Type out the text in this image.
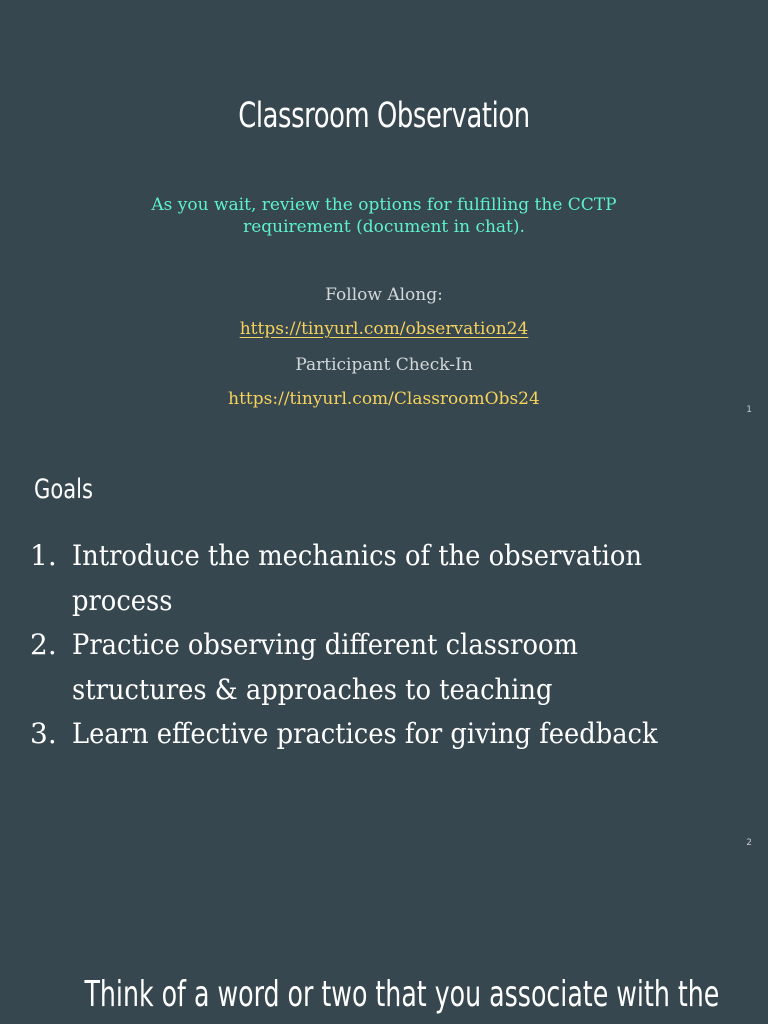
Classroom Observation
As you wait, review the options for fulfilling the CCTP requirement (document in chat).
Follow Along:
https://tinyurl.com/observation24
Participant Check-In
https://tinyurl.com/ClassroomObs24
1
Goals
1. Introduce the mechanics of the observation process
2. Practice observing different classroom structures & approaches to teaching
3. Learn effective practices for giving feedback
2
Think of a word or two that you associate with the
